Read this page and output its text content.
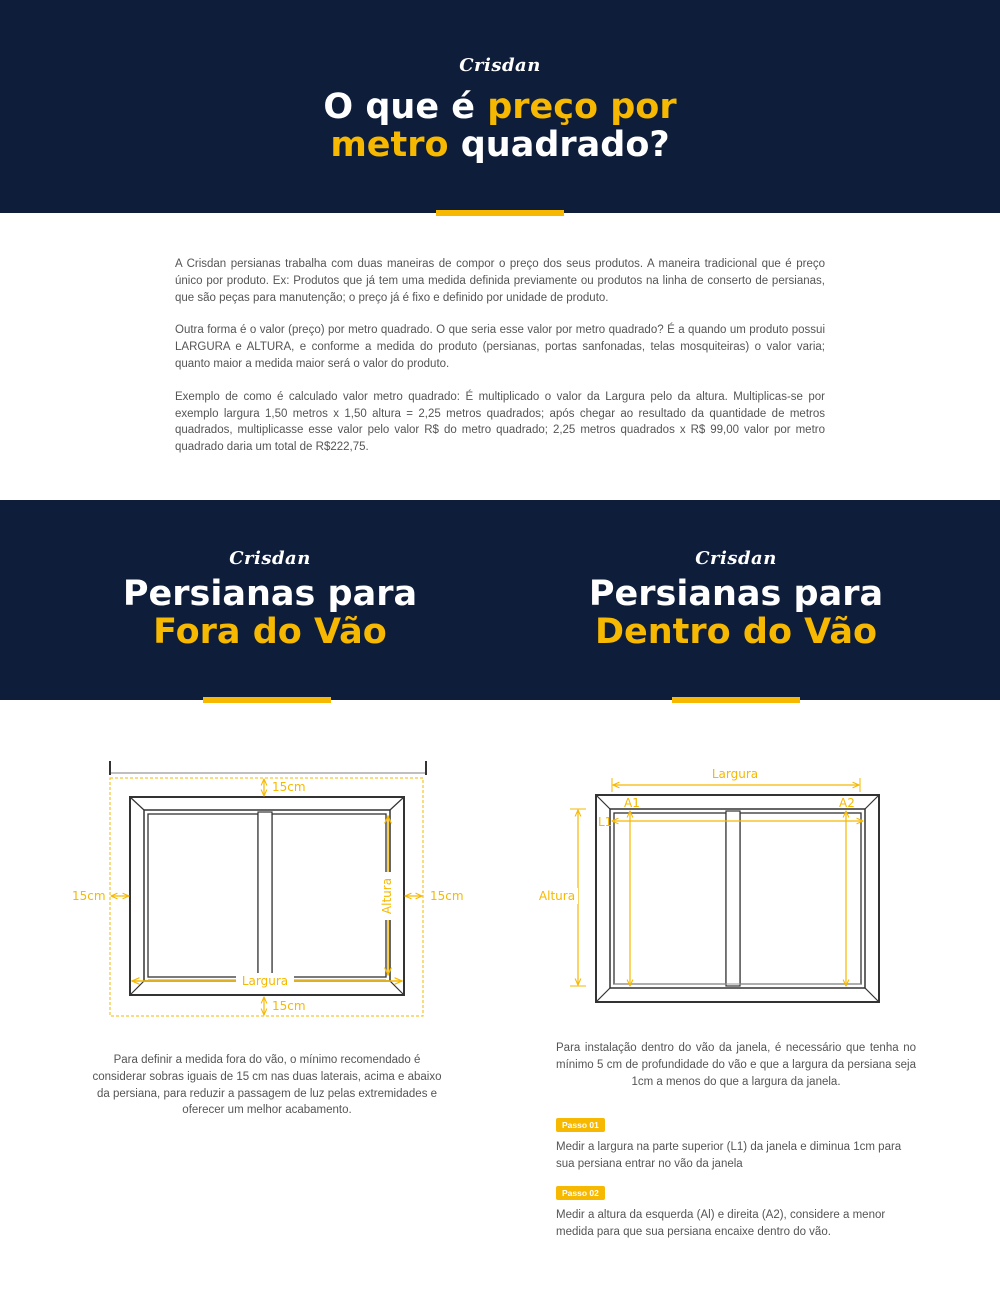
Crisdan
O que é preço por
metro quadrado?

A Crisdan persianas trabalha com duas maneiras de compor o preço dos seus produtos. A maneira tradicional que é preço único por produto. Ex: Produtos que já tem uma medida definida previamente ou produtos na linha de conserto de persianas, que são peças para manutenção; o preço já é fixo e definido por unidade de produto.

Outra forma é o valor (preço) por metro quadrado. O que seria esse valor por metro quadrado? É a quando um produto possui LARGURA e ALTURA, e conforme a medida do produto (persianas, portas sanfonadas, telas mosquiteiras) o valor varia; quanto maior a medida maior será o valor do produto.

Exemplo de como é calculado valor metro quadrado: É multiplicado o valor da Largura pelo da altura. Multiplicas-se por exemplo largura 1,50 metros x 1,50 altura = 2,25 metros quadrados; após chegar ao resultado da quantidade de metros quadrados, multiplicasse esse valor pelo valor R$ do metro quadrado; 2,25 metros quadrados x R$ 99,00 valor por metro quadrado daria um total de R$222,75.

Crisdan
Persianas para
Fora do Vão
Crisdan
Persianas para
Dentro do Vão
15cm
15cm
15cm	15cm
Altura
Largura
Largura
Altura
L1
A1	A2

Para definir a medida fora do vão, o mínimo recomendado é considerar sobras iguais de 15 cm nas duas laterais, acima e abaixo da persiana, para reduzir a passagem de luz pelas extremidades e oferecer um melhor acabamento.

Para instalação dentro do vão da janela, é necessário que tenha no mínimo 5 cm de profundidade do vão e que a largura da persiana seja 1cm a menos do que a largura da janela.

Passo 01

Medir a largura na parte superior (L1) da janela e diminua 1cm para sua persiana entrar no vão da janela

Passo 02

Medir a altura da esquerda (Al) e direita (A2), considere a menor medida para que sua persiana encaixe dentro do vão.
